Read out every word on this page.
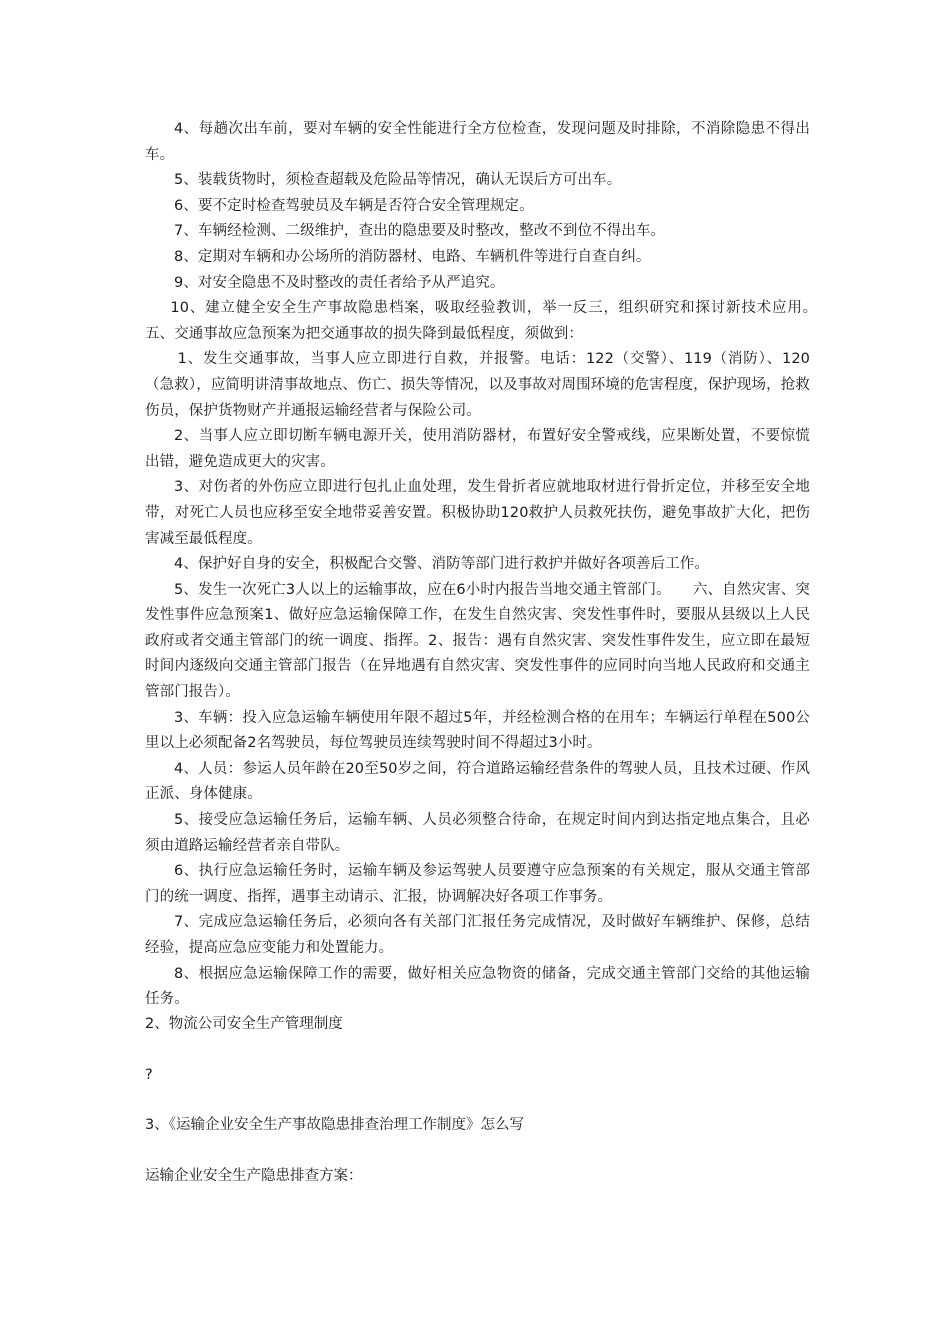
4、每趟次出车前，要对车辆的安全性能进行全方位检查，发现问题及时排除，不消除隐患不得出车。

5、装载货物时，须检查超载及危险品等情况，确认无误后方可出车。

6、要不定时检查驾驶员及车辆是否符合安全管理规定。

7、车辆经检测、二级维护，查出的隐患要及时整改，整改不到位不得出车。

8、定期对车辆和办公场所的消防器材、电路、车辆机件等进行自查自纠。

9、对安全隐患不及时整改的责任者给予从严追究。

10、建立健全安全生产事故隐患档案，吸取经验教训，举一反三，组织研究和探讨新技术应用。　五、交通事故应急预案为把交通事故的损失降到最低程度，须做到：

1、发生交通事故，当事人应立即进行自救，并报警。电话：122（交警）、119（消防）、120（急救），应简明讲清事故地点、伤亡、损失等情况，以及事故对周围环境的危害程度，保护现场，抢救伤员，保护货物财产并通报运输经营者与保险公司。

2、当事人应立即切断车辆电源开关，使用消防器材，布置好安全警戒线，应果断处置，不要惊慌出错，避免造成更大的灾害。

3、对伤者的外伤应立即进行包扎止血处理，发生骨折者应就地取材进行骨折定位，并移至安全地带，对死亡人员也应移至安全地带妥善安置。积极协助120救护人员救死扶伤，避免事故扩大化，把伤害减至最低程度。

4、保护好自身的安全，积极配合交警、消防等部门进行救护并做好各项善后工作。

5、发生一次死亡3人以上的运输事故，应在6小时内报告当地交通主管部门。　　六、自然灾害、突发性事件应急预案1、做好应急运输保障工作，在发生自然灾害、突发性事件时，要服从县级以上人民政府或者交通主管部门的统一调度、指挥。2、报告：遇有自然灾害、突发性事件发生，应立即在最短时间内逐级向交通主管部门报告（在异地遇有自然灾害、突发性事件的应同时向当地人民政府和交通主管部门报告）。

3、车辆：投入应急运输车辆使用年限不超过5年，并经检测合格的在用车；车辆运行单程在500公里以上必须配备2名驾驶员，每位驾驶员连续驾驶时间不得超过3小时。

4、人员：参运人员年龄在20至50岁之间，符合道路运输经营条件的驾驶人员，且技术过硬、作风正派、身体健康。

5、接受应急运输任务后，运输车辆、人员必须整合待命，在规定时间内到达指定地点集合，且必须由道路运输经营者亲自带队。

6、执行应急运输任务时，运输车辆及参运驾驶人员要遵守应急预案的有关规定，服从交通主管部门的统一调度、指挥，遇事主动请示、汇报，协调解决好各项工作事务。

7、完成应急运输任务后，必须向各有关部门汇报任务完成情况，及时做好车辆维护、保修，总结经验，提高应急应变能力和处置能力。

8、根据应急运输保障工作的需要，做好相关应急物资的储备，完成交通主管部门交给的其他运输任务。

2、物流公司安全生产管理制度

?

3、《运输企业安全生产事故隐患排查治理工作制度》怎么写

运输企业安全生产隐患排查方案：
